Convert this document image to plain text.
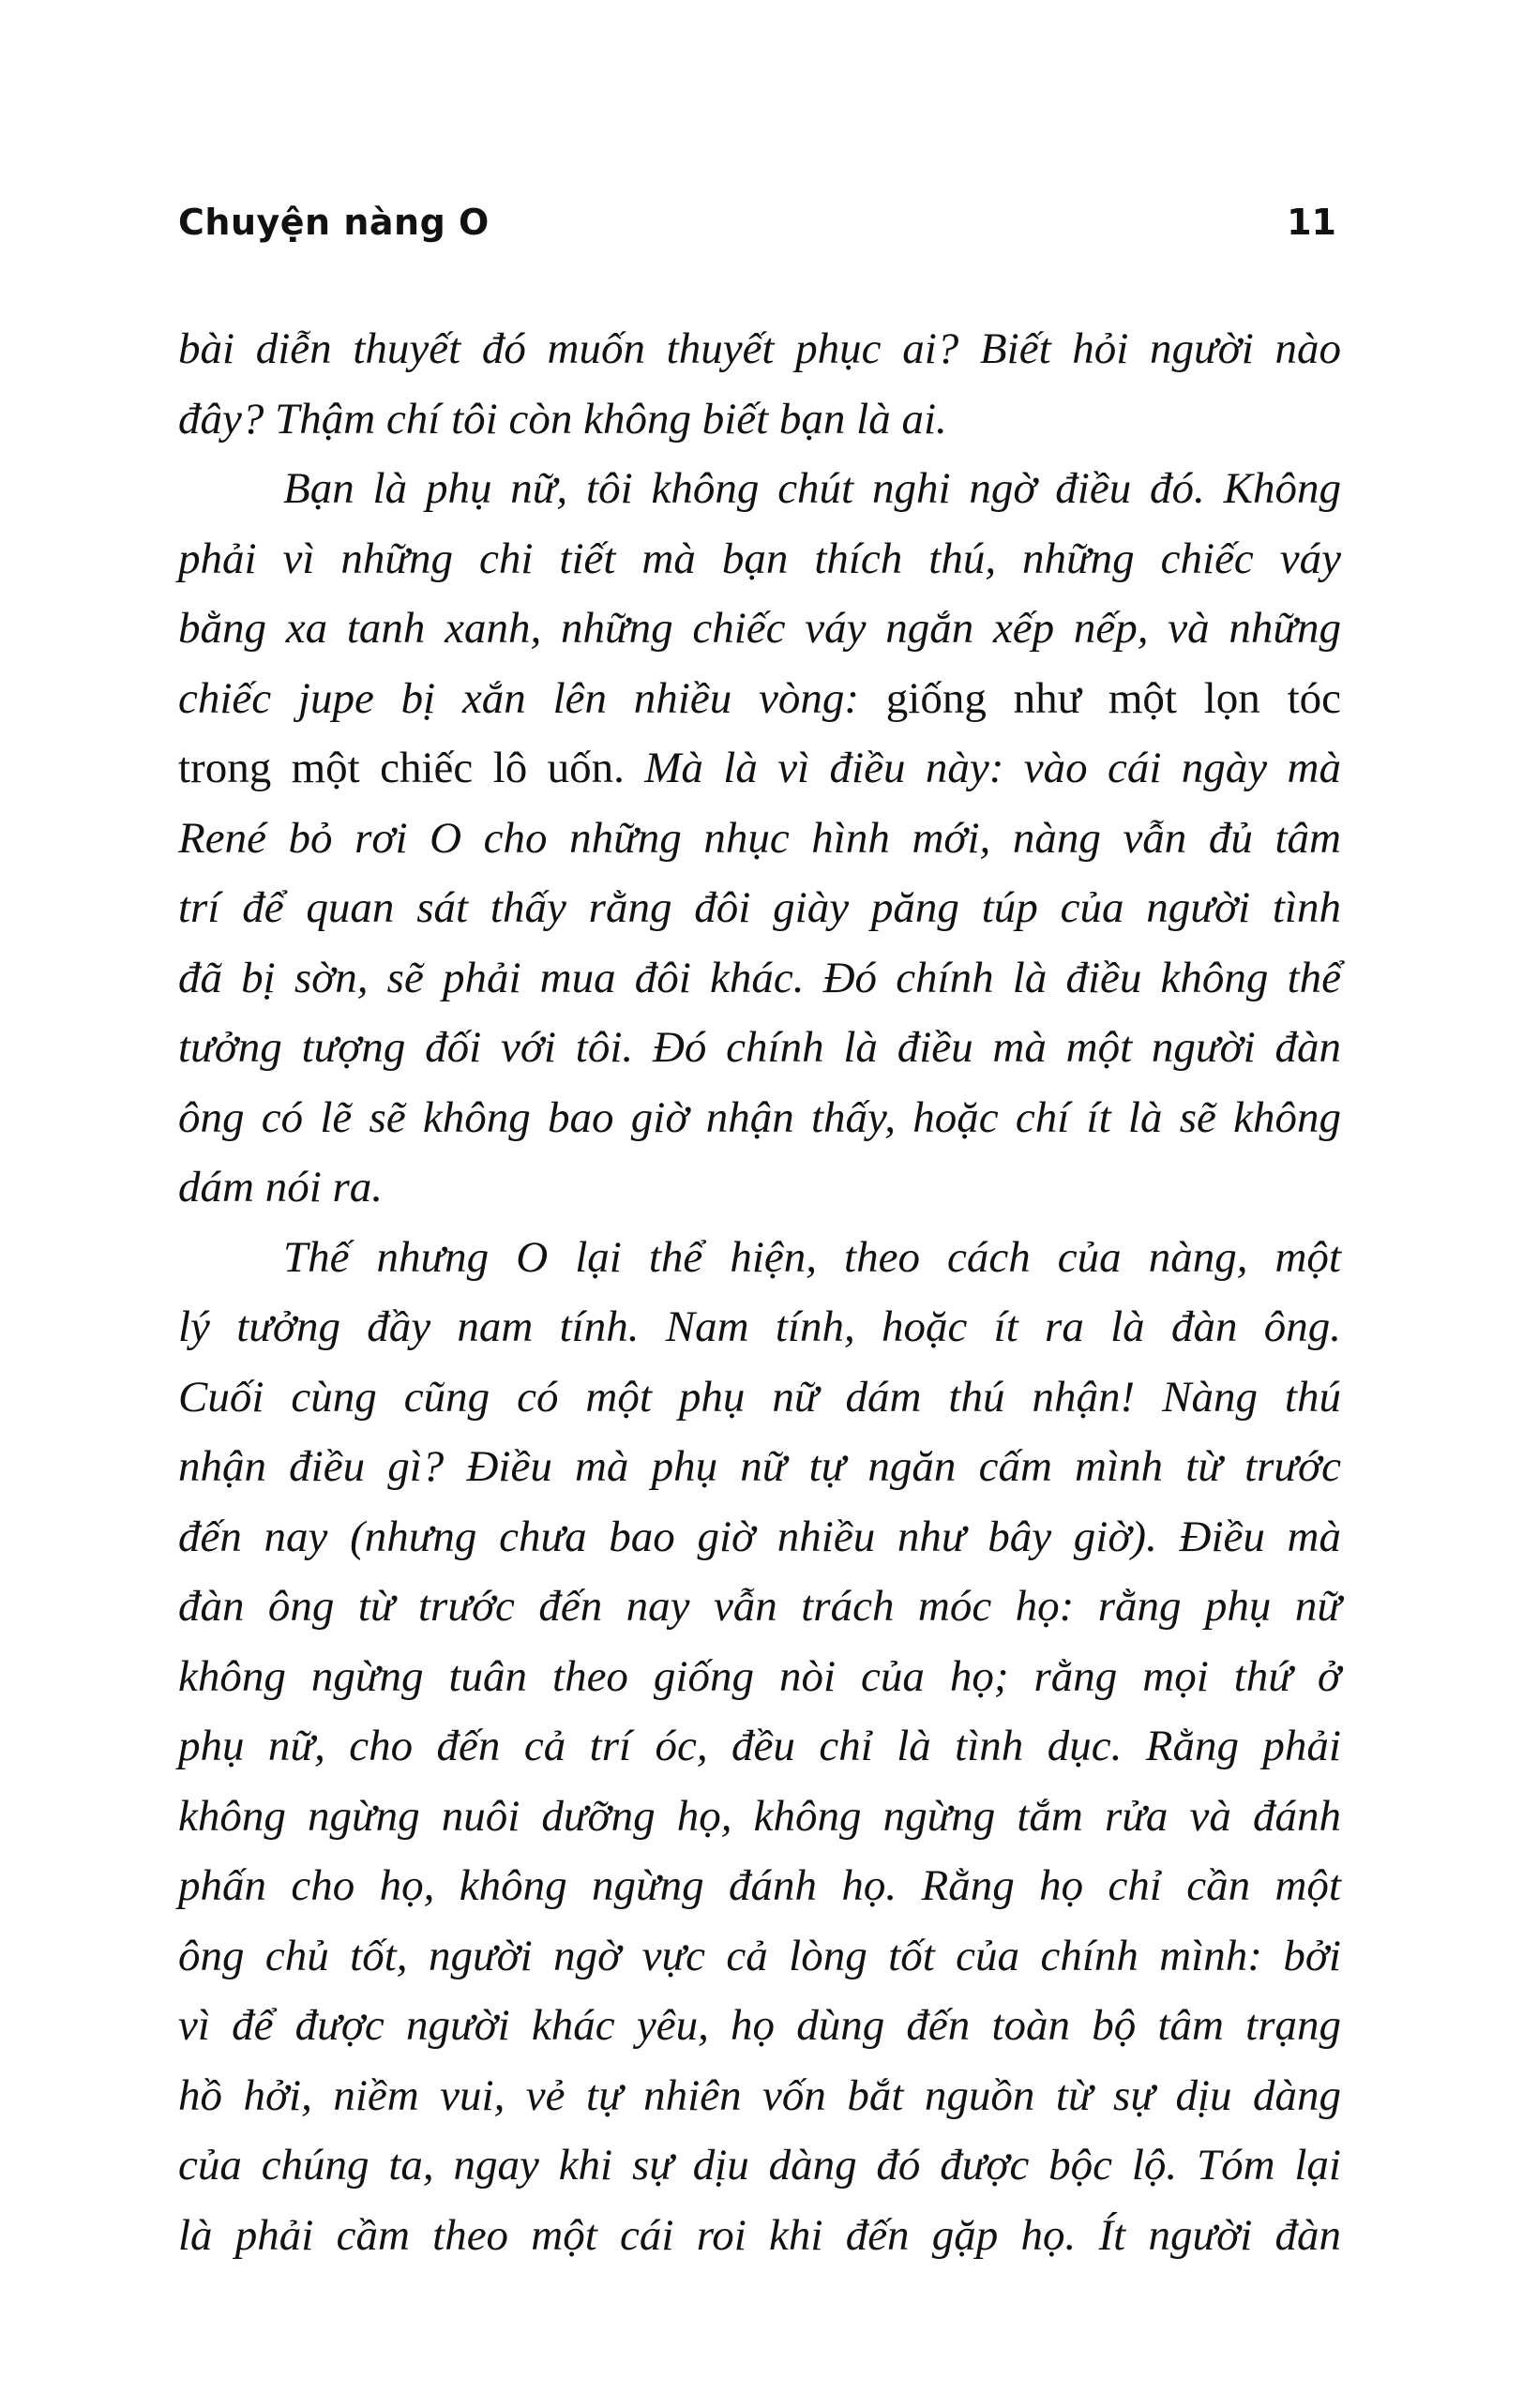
Chuyện nàng O	11
bài diễn thuyết đó muốn thuyết phục ai? Biết hỏi người nào
đây? Thậm chí tôi còn không biết bạn là ai.
Bạn là phụ nữ, tôi không chút nghi ngờ điều đó. Không
phải vì những chi tiết mà bạn thích thú, những chiếc váy
bằng xa tanh xanh, những chiếc váy ngắn xếp nếp, và những
chiếc jupe bị xắn lên nhiều vòng: giống như một lọn tóc
trong một chiếc lô uốn. Mà là vì điều này: vào cái ngày mà
René bỏ rơi O cho những nhục hình mới, nàng vẫn đủ tâm
trí để quan sát thấy rằng đôi giày păng túp của người tình
đã bị sờn, sẽ phải mua đôi khác. Đó chính là điều không thể
tưởng tượng đối với tôi. Đó chính là điều mà một người đàn
ông có lẽ sẽ không bao giờ nhận thấy, hoặc chí ít là sẽ không
dám nói ra.
Thế nhưng O lại thể hiện, theo cách của nàng, một
lý tưởng đầy nam tính. Nam tính, hoặc ít ra là đàn ông.
Cuối cùng cũng có một phụ nữ dám thú nhận! Nàng thú
nhận điều gì? Điều mà phụ nữ tự ngăn cấm mình từ trước
đến nay (nhưng chưa bao giờ nhiều như bây giờ). Điều mà
đàn ông từ trước đến nay vẫn trách móc họ: rằng phụ nữ
không ngừng tuân theo giống nòi của họ; rằng mọi thứ ở
phụ nữ, cho đến cả trí óc, đều chỉ là tình dục. Rằng phải
không ngừng nuôi dưỡng họ, không ngừng tắm rửa và đánh
phấn cho họ, không ngừng đánh họ. Rằng họ chỉ cần một
ông chủ tốt, người ngờ vực cả lòng tốt của chính mình: bởi
vì để được người khác yêu, họ dùng đến toàn bộ tâm trạng
hồ hởi, niềm vui, vẻ tự nhiên vốn bắt nguồn từ sự dịu dàng
của chúng ta, ngay khi sự dịu dàng đó được bộc lộ. Tóm lại
là phải cầm theo một cái roi khi đến gặp họ. Ít người đàn
